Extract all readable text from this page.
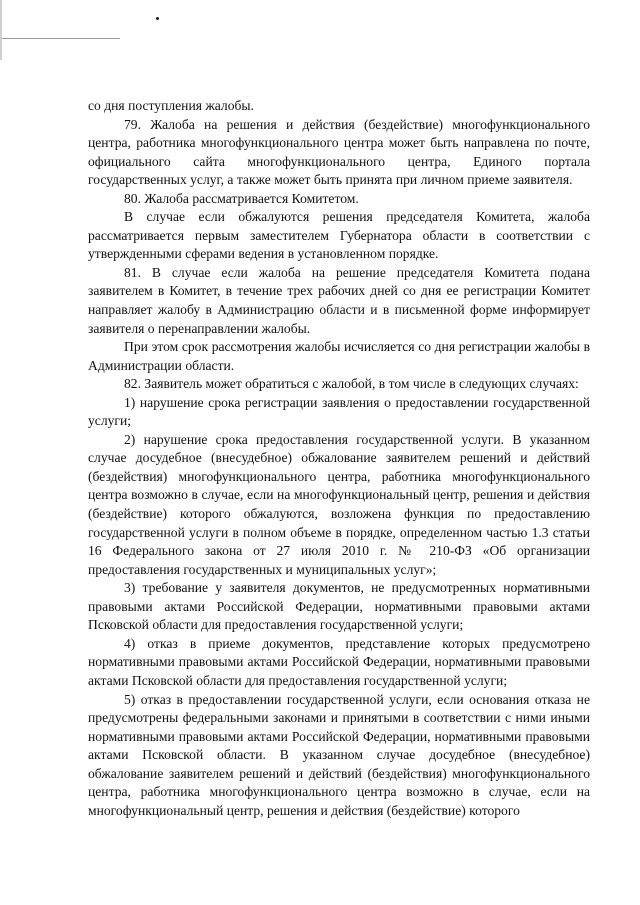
со дня поступления жалобы.

79. Жалоба на решения и действия (бездействие) многофункционального центра, работника многофункционального центра может быть направлена по почте, официального сайта многофункционального центра, Единого портала государственных услуг, а также может быть принята при личном приеме заявителя.

80. Жалоба рассматривается Комитетом.

В случае если обжалуются решения председателя Комитета, жалоба рассматривается первым заместителем Губернатора области в соответствии с утвержденными сферами ведения в установленном порядке.

81. В случае если жалоба на решение председателя Комитета подана заявителем в Комитет, в течение трех рабочих дней со дня ее регистрации Комитет направляет жалобу в Администрацию области и в письменной форме информирует заявителя о перенаправлении жалобы.

При этом срок рассмотрения жалобы исчисляется со дня регистрации жалобы в Администрации области.

82. Заявитель может обратиться с жалобой, в том числе в следующих случаях:

1) нарушение срока регистрации заявления о предоставлении государственной услуги;

2) нарушение срока предоставления государственной услуги. В указанном случае досудебное (внесудебное) обжалование заявителем решений и действий (бездействия) многофункционального центра, работника многофункционального центра возможно в случае, если на многофункциональный центр, решения и действия (бездействие) которого обжалуются, возложена функция по предоставлению государственной услуги в полном объеме в порядке, определенном частью 1.3 статьи 16 Федерального закона от 27 июля 2010 г. № 210-ФЗ «Об организации предоставления государственных и муниципальных услуг»;

3) требование у заявителя документов, не предусмотренных нормативными правовыми актами Российской Федерации, нормативными правовыми актами Псковской области для предоставления государственной услуги;

4) отказ в приеме документов, представление которых предусмотрено нормативными правовыми актами Российской Федерации, нормативными правовыми актами Псковской области для предоставления государственной услуги;

5) отказ в предоставлении государственной услуги, если основания отказа не предусмотрены федеральными законами и принятыми в соответствии с ними иными нормативными правовыми актами Российской Федерации, нормативными правовыми актами Псковской области. В указанном случае досудебное (внесудебное) обжалование заявителем решений и действий (бездействия) многофункционального центра, работника многофункционального центра возможно в случае, если на многофункциональный центр, решения и действия (бездействие) которого
